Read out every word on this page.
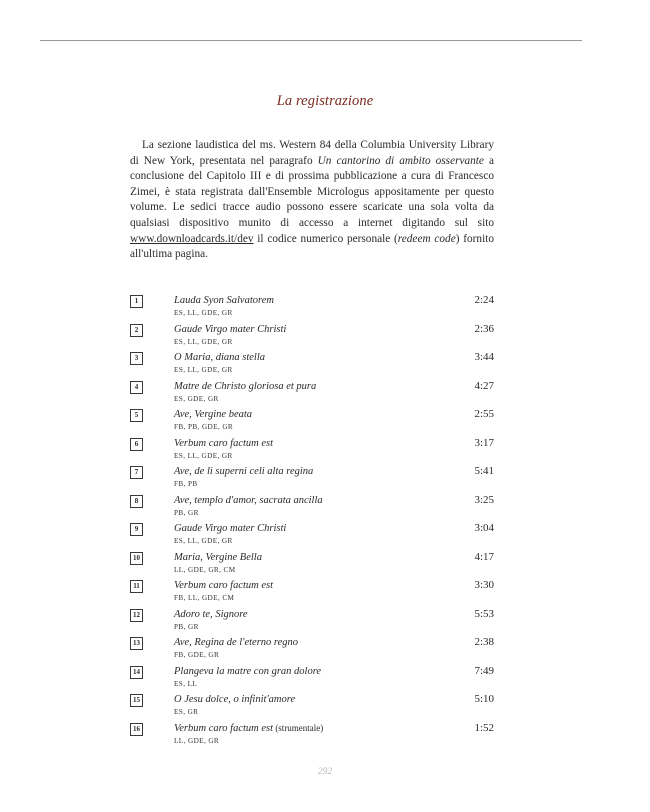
La registrazione

La sezione laudistica del ms. Western 84 della Columbia University Library di New York, presentata nel paragrafo Un cantorino di ambito osservante a conclusione del Capitolo III e di prossima pubblicazione a cura di Francesco Zimei, è stata registrata dall'Ensemble Micrologus appositamente per questo volume. Le sedici tracce audio possono essere scaricate una sola volta da qualsiasi dispositivo munito di accesso a internet digitando sul sito www.downloadcards.it/dev il codice numerico personale (redeem code) fornito all'ultima pagina.

1	Lauda Syon Salvatorem
ES, LL, GDE, GR
2:24
2	Gaude Virgo mater Christi
ES, LL, GDE, GR
2:36
3	O Maria, diana stella
ES, LL, GDE, GR
3:44
4	Matre de Christo gloriosa et pura
ES, GDE, GR
4:27
5	Ave, Vergine beata
FB, PB, GDE, GR
2:55
6	Verbum caro factum est
ES, LL, GDE, GR
3:17
7	Ave, de li superni celi alta regina
FB, PB
5:41
8	Ave, templo d'amor, sacrata ancilla
PB, GR
3:25
9	Gaude Virgo mater Christi
ES, LL, GDE, GR
3:04
10	Maria, Vergine Bella
LL, GDE, GR, CM
4:17
11	Verbum caro factum est
FB, LL, GDE, CM
3:30
12	Adoro te, Signore
PB, GR
5:53
13	Ave, Regina de l'eterno regno
FB, GDE, GR
2:38
14	Plangeva la matre con gran dolore
ES, LL
7:49
15	O Jesu dolce, o infinit'amore
ES, GR
5:10
16	Verbum caro factum est (strumentale)
LL, GDE, GR
1:52
292
